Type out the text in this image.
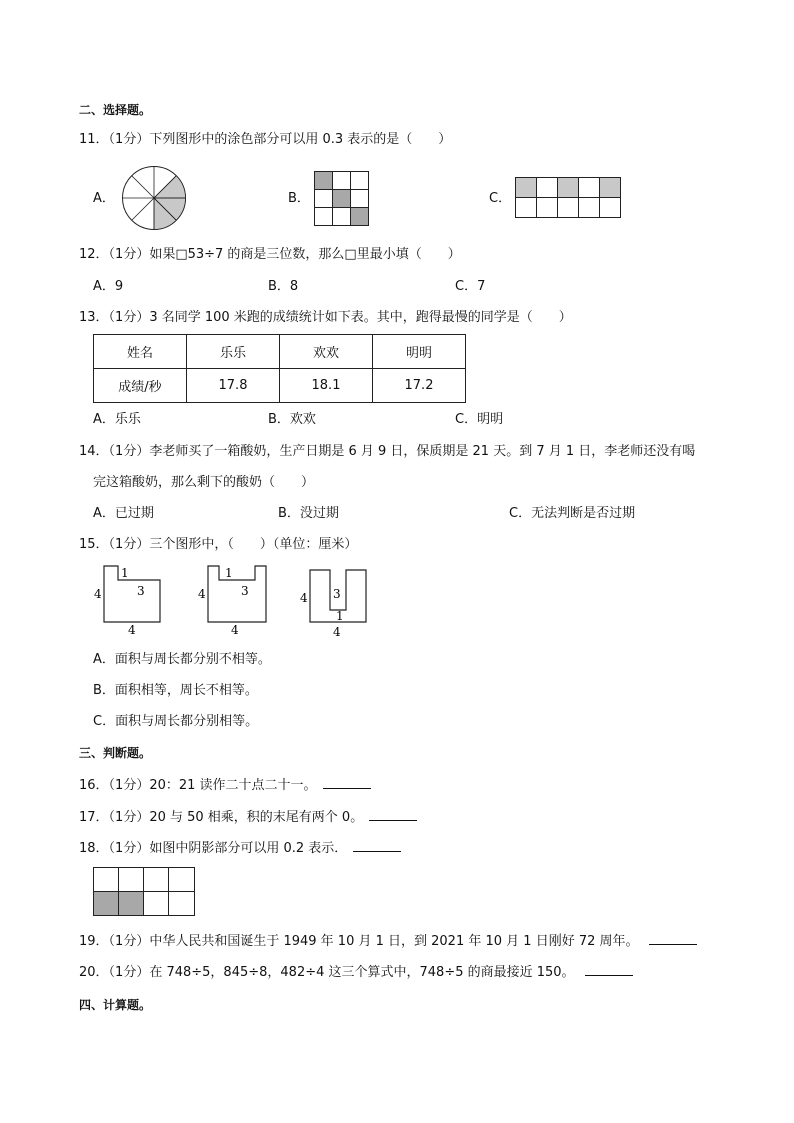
二、选择题。
11．（1分）下列图形中的涂色部分可以用 0.3 表示的是（　　）
A．	B．	C．
12．（1分）如果□53÷7 的商是三位数，那么□里最小填（　　）
A．9	B．8	C．7
13．（1分）3 名同学 100 米跑的成绩统计如下表。其中，跑得最慢的同学是（　　）
姓名	乐乐	欢欢	明明
成绩/秒	17.8	18.1	17.2
A．乐乐	B．欢欢	C．明明
14．（1分）李老师买了一箱酸奶，生产日期是 6 月 9 日，保质期是 21 天。到 7 月 1 日，李老师还没有喝
完这箱酸奶，那么剩下的酸奶（　　）
A．已过期	B．没过期	C．无法判断是否过期
15．（1分）三个图形中，（　　）（单位：厘米）
1
3
4
4
1
3
4
4
3
1
4
4
A．面积与周长都分别不相等。
B．面积相等，周长不相等。
C．面积与周长都分别相等。
三、判断题。
16．（1分）20：21 读作二十点二十一。
17．（1分）20 与 50 相乘，积的末尾有两个 0。
18．（1分）如图中阴影部分可以用 0.2 表示．
19．（1分）中华人民共和国诞生于 1949 年 10 月 1 日，到 2021 年 10 月 1 日刚好 72 周年。
20．（1分）在 748÷5，845÷8，482÷4 这三个算式中，748÷5 的商最接近 150。
四、计算题。
